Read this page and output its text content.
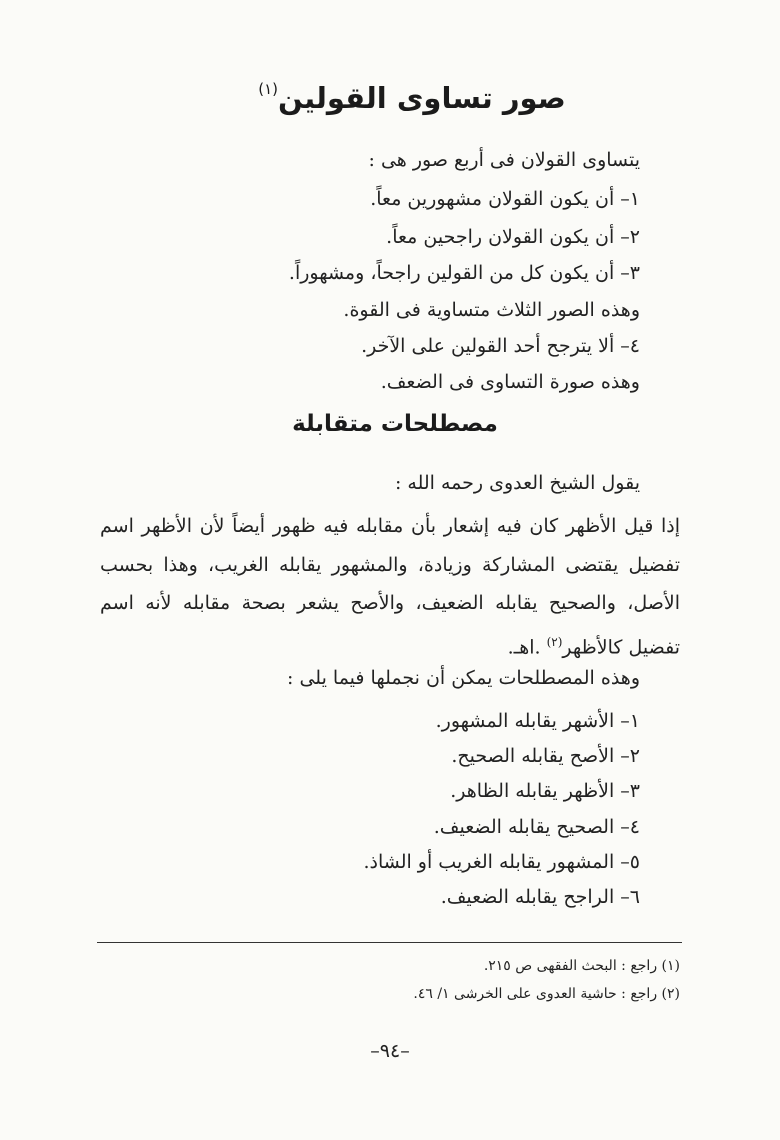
صور تساوى القولين$^{(١)}$
يتساوى القولان فى أربع صور هى :
١– أن يكون القولان مشهورين معاً.
٢– أن يكون القولان راجحين معاً.
٣– أن يكون كل من القولين راجحاً، ومشهوراً.
وهذه الصور الثلاث متساوية فى القوة.
٤– ألا يترجح أحد القولين على الآخر.
وهذه صورة التساوى فى الضعف.
مصطلحات متقابلة
يقول الشيخ العدوى رحمه الله :
إذا قيل الأظهر كان فيه إشعار بأن مقابله فيه ظهور أيضاً لأن الأظهر اسم تفضيل يقتضى المشاركة وزيادة، والمشهور يقابله الغريب، وهذا بحسب الأصل، والصحيح يقابله الضعيف، والأصح يشعر بصحة مقابله لأنه اسم تفضيل كالأظهر$^{(٢)}$ .اهـ.
وهذه المصطلحات يمكن أن نجملها فيما يلى :
١– الأشهر يقابله المشهور.
٢– الأصح يقابله الصحيح.
٣– الأظهر يقابله الظاهر.
٤– الصحيح يقابله الضعيف.
٥– المشهور يقابله الغريب أو الشاذ.
٦– الراجح يقابله الضعيف.
(١) راجع : البحث الفقهى ص ٢١٥.
(٢) راجع : حاشية العدوى على الخرشى ١/ ٤٦.
–٩٤–
